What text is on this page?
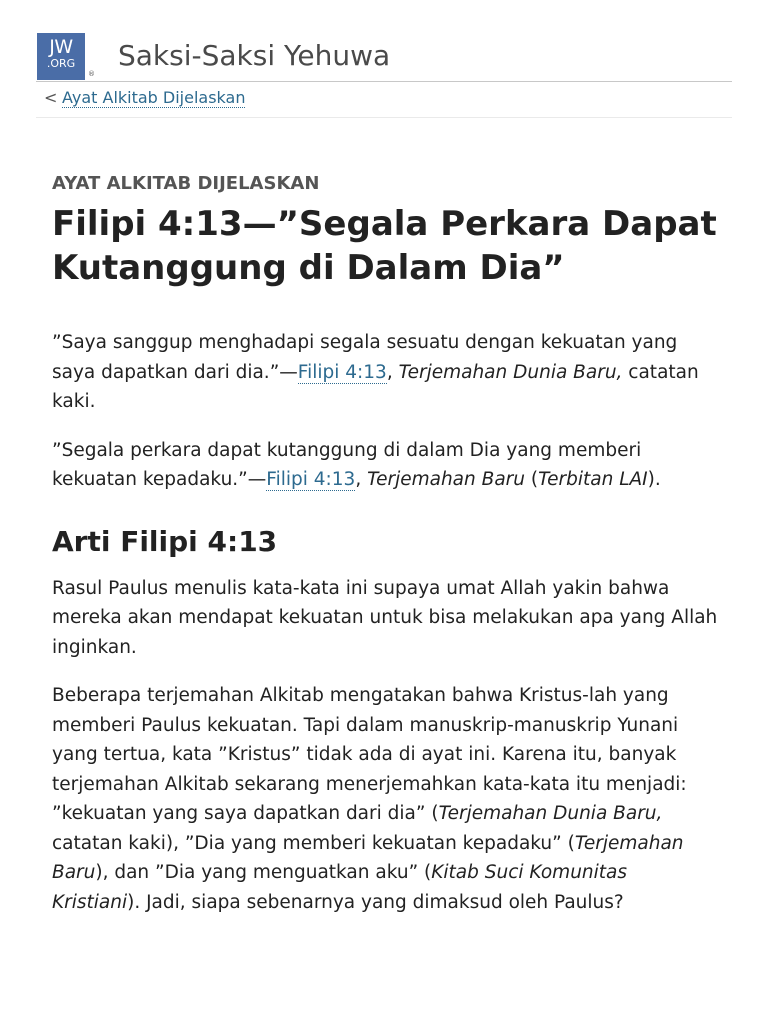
JW
.ORG
®
Saksi-Saksi Yehuwa
< Ayat Alkitab Dijelaskan
AYAT ALKITAB DIJELASKAN
Filipi 4:13—”Segala Perkara Dapat Kutanggung di Dalam Dia”

”Saya sanggup menghadapi segala sesuatu dengan kekuatan yang saya dapatkan dari dia.”—Filipi 4:13, Terjemahan Dunia Baru, catatan kaki.

”Segala perkara dapat kutanggung di dalam Dia yang memberi kekuatan kepadaku.”—Filipi 4:13, Terjemahan Baru (Terbitan LAI).

Arti Filipi 4:13

Rasul Paulus menulis kata-kata ini supaya umat Allah yakin bahwa mereka akan mendapat kekuatan untuk bisa melakukan apa yang Allah inginkan.

Beberapa terjemahan Alkitab mengatakan bahwa Kristus-lah yang memberi Paulus kekuatan. Tapi dalam manuskrip-manuskrip Yunani yang tertua, kata ”Kristus” tidak ada di ayat ini. Karena itu, banyak terjemahan Alkitab sekarang menerjemahkan kata-kata itu menjadi: ”kekuatan yang saya dapatkan dari dia” (Terjemahan Dunia Baru, catatan kaki), ”Dia yang memberi kekuatan kepadaku” (Terjemahan Baru), dan ”Dia yang menguatkan aku” (Kitab Suci Komunitas Kristiani). Jadi, siapa sebenarnya yang dimaksud oleh Paulus?
